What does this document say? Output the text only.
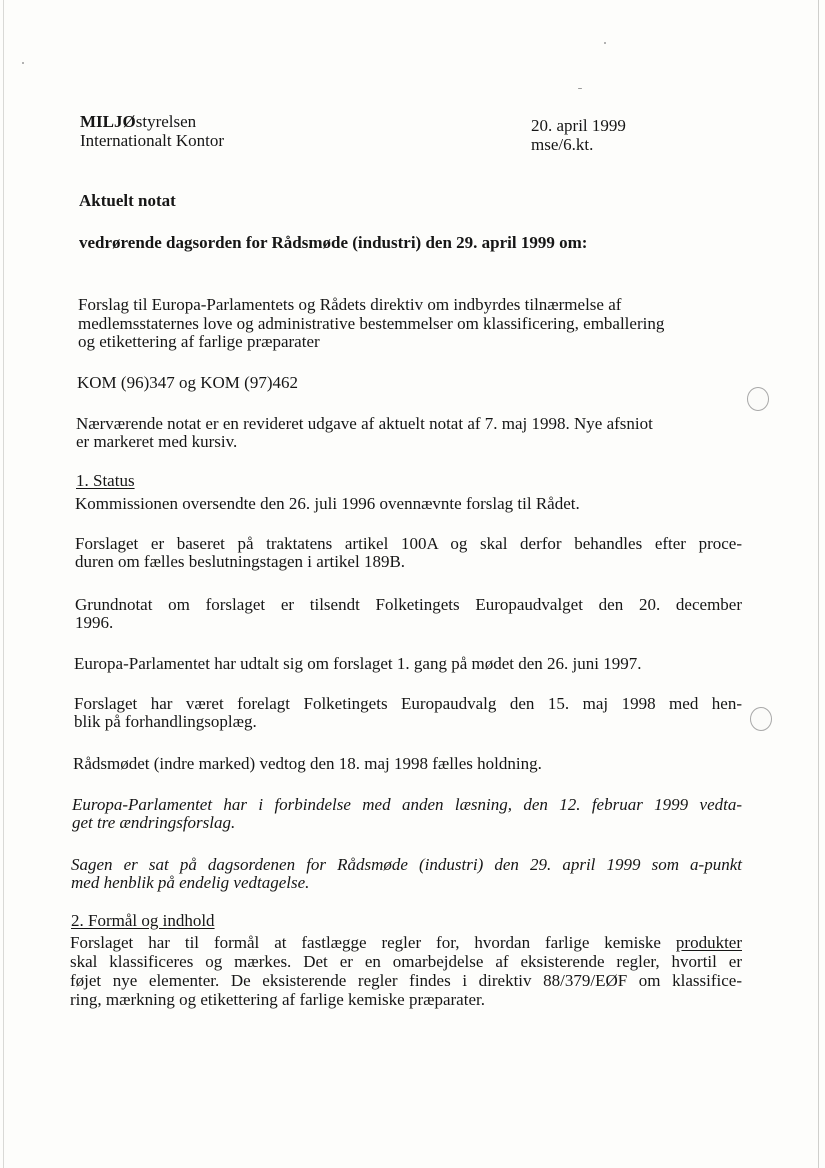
MILJØstyrelsen
Internationalt Kontor
20. april 1999
mse/6.kt.
Aktuelt notat
vedrørende dagsorden for Rådsmøde (industri) den 29. april 1999 om:
Forslag til Europa-Parlamentets og Rådets direktiv om indbyrdes tilnærmelse af
medlemsstaternes love og administrative bestemmelser om klassificering, emballering
og etikettering af farlige præparater
KOM (96)347 og KOM (97)462
Nærværende notat er en revideret udgave af aktuelt notat af 7. maj 1998. Nye afsniot
er markeret med kursiv.
1. Status
Kommissionen oversendte den 26. juli 1996 ovennævnte forslag til Rådet.
Forslaget er baseret på traktatens artikel 100A og skal derfor behandles efter proce-
duren om fælles beslutningstagen i artikel 189B.
Grundnotat om forslaget er tilsendt Folketingets Europaudvalget den 20. december
1996.
Europa-Parlamentet har udtalt sig om forslaget 1. gang på mødet den 26. juni 1997.
Forslaget har været forelagt Folketingets Europaudvalg den 15. maj 1998 med hen-
blik på forhandlingsoplæg.
Rådsmødet (indre marked) vedtog den 18. maj 1998 fælles holdning.
Europa-Parlamentet har i forbindelse med anden læsning, den 12. februar 1999 vedta-
get tre ændringsforslag.
Sagen er sat på dagsordenen for Rådsmøde (industri) den 29. april 1999 som a-punkt
med henblik på endelig vedtagelse.
2. Formål og indhold
Forslaget har til formål at fastlægge regler for, hvordan farlige kemiske produkter
skal klassificeres og mærkes. Det er en omarbejdelse af eksisterende regler, hvortil er
føjet nye elementer. De eksisterende regler findes i direktiv 88/379/EØF om klassifice-
ring, mærkning og etikettering af farlige kemiske præparater.
